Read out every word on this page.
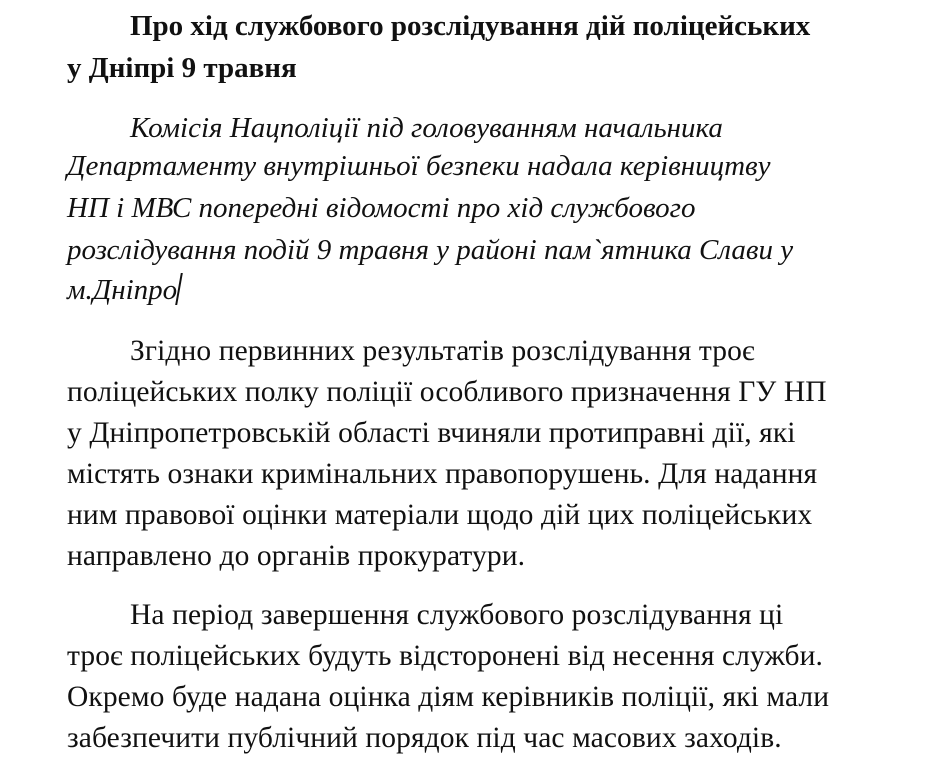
Про хід службового розслідування дій поліцейських
у Дніпрі 9 травня
Комісія Нацполіції під головуванням начальника
Департаменту внутрішньої безпеки надала керівництву
НП і МВС попередні відомості про хід службового
розслідування подій 9 травня у районі пам`ятника Слави у
м.Дніпро
Згідно первинних результатів розслідування троє
поліцейських полку поліції особливого призначення ГУ НП
у Дніпропетровській області вчиняли протиправні дії, які
містять ознаки кримінальних правопорушень. Для надання
ним правової оцінки матеріали щодо дій цих поліцейських
направлено до органів прокуратури.
На період завершення службового розслідування ці
троє поліцейських будуть відсторонені від несення служби.
Окремо буде надана оцінка діям керівників поліції, які мали
забезпечити публічний порядок під час масових заходів.
